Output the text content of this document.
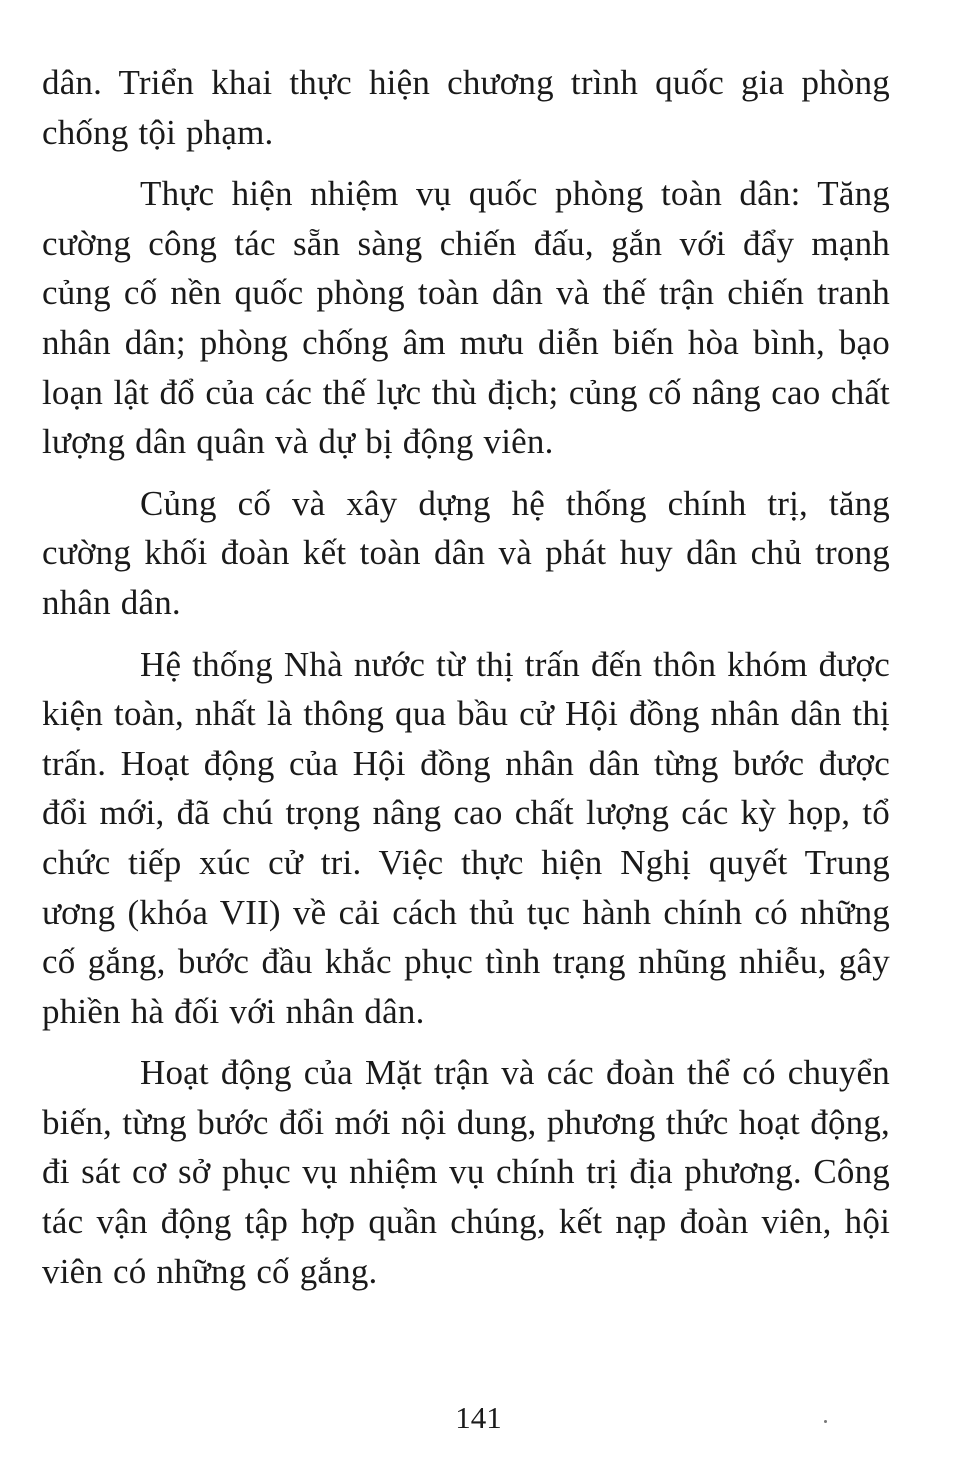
dân. Triển khai thực hiện chương trình quốc gia phòng chống tội phạm.

Thực hiện nhiệm vụ quốc phòng toàn dân: Tăng cường công tác sẵn sàng chiến đấu, gắn với đẩy mạnh củng cố nền quốc phòng toàn dân và thế trận chiến tranh nhân dân; phòng chống âm mưu diễn biến hòa bình, bạo loạn lật đổ của các thế lực thù địch; củng cố nâng cao chất lượng dân quân và dự bị động viên.

Củng cố và xây dựng hệ thống chính trị, tăng cường khối đoàn kết toàn dân và phát huy dân chủ trong nhân dân.

Hệ thống Nhà nước từ thị trấn đến thôn khóm được kiện toàn, nhất là thông qua bầu cử Hội đồng nhân dân thị trấn. Hoạt động của Hội đồng nhân dân từng bước được đổi mới, đã chú trọng nâng cao chất lượng các kỳ họp, tổ chức tiếp xúc cử tri. Việc thực hiện Nghị quyết Trung ương (khóa VII) về cải cách thủ tục hành chính có những cố gắng, bước đầu khắc phục tình trạng nhũng nhiễu, gây phiền hà đối với nhân dân.

Hoạt động của Mặt trận và các đoàn thể có chuyển biến, từng bước đổi mới nội dung, phương thức hoạt động, đi sát cơ sở phục vụ nhiệm vụ chính trị địa phương. Công tác vận động tập hợp quần chúng, kết nạp đoàn viên, hội viên có những cố gắng.

141
